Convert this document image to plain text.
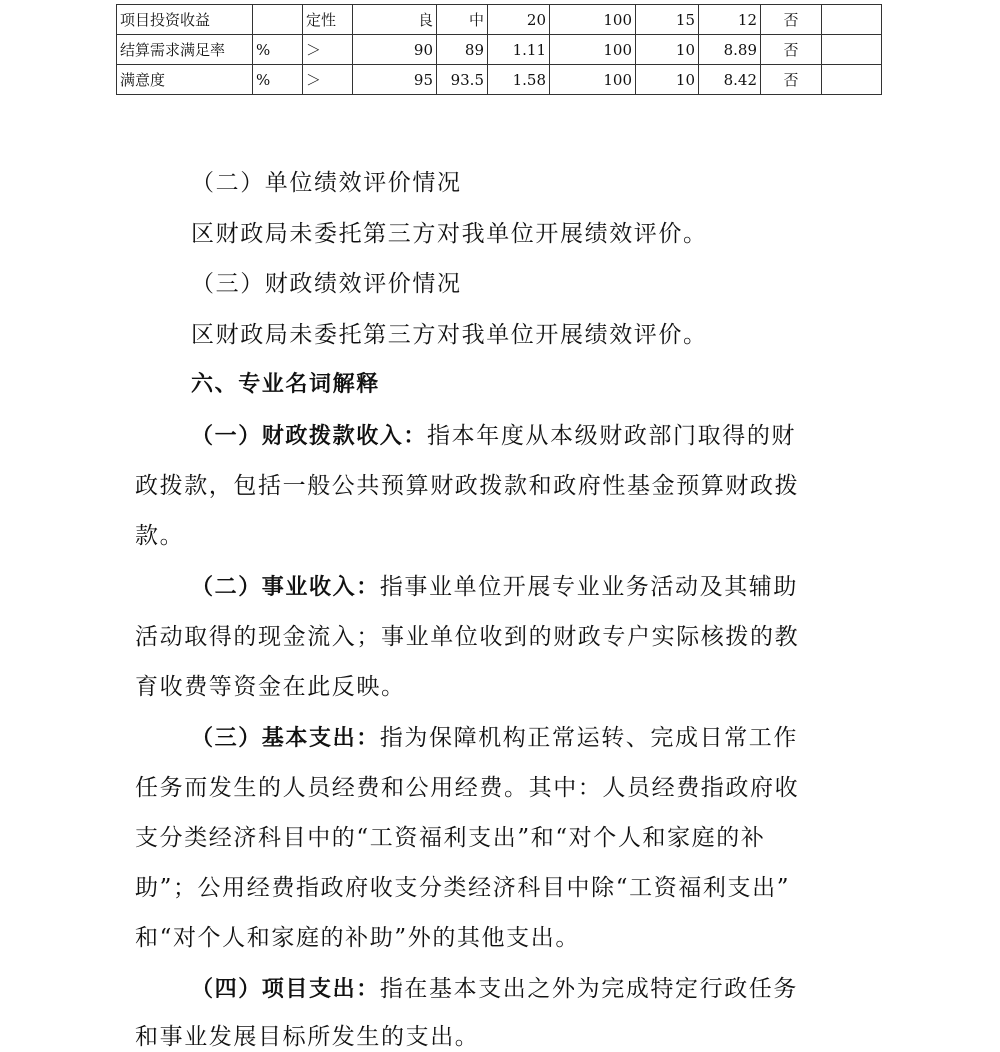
项目投资收益		定性	良	中	20	100	15	12	否	
结算需求满足率	%	＞	90	89	1.11	100	10	8.89	否	
满意度	%	＞	95	93.5	1.58	100	10	8.42	否	
（二）单位绩效评价情况
区财政局未委托第三方对我单位开展绩效评价。
（三）财政绩效评价情况
区财政局未委托第三方对我单位开展绩效评价。
六、专业名词解释
（一）财政拨款收入：指本年度从本级财政部门取得的财
政拨款，包括一般公共预算财政拨款和政府性基金预算财政拨
款。
（二）事业收入：指事业单位开展专业业务活动及其辅助
活动取得的现金流入；事业单位收到的财政专户实际核拨的教
育收费等资金在此反映。
（三）基本支出：指为保障机构正常运转、完成日常工作
任务而发生的人员经费和公用经费。其中：人员经费指政府收
支分类经济科目中的“工资福利支出”和“对个人和家庭的补
助”；公用经费指政府收支分类经济科目中除“工资福利支出”
和“对个人和家庭的补助”外的其他支出。
（四）项目支出：指在基本支出之外为完成特定行政任务
和事业发展目标所发生的支出。
